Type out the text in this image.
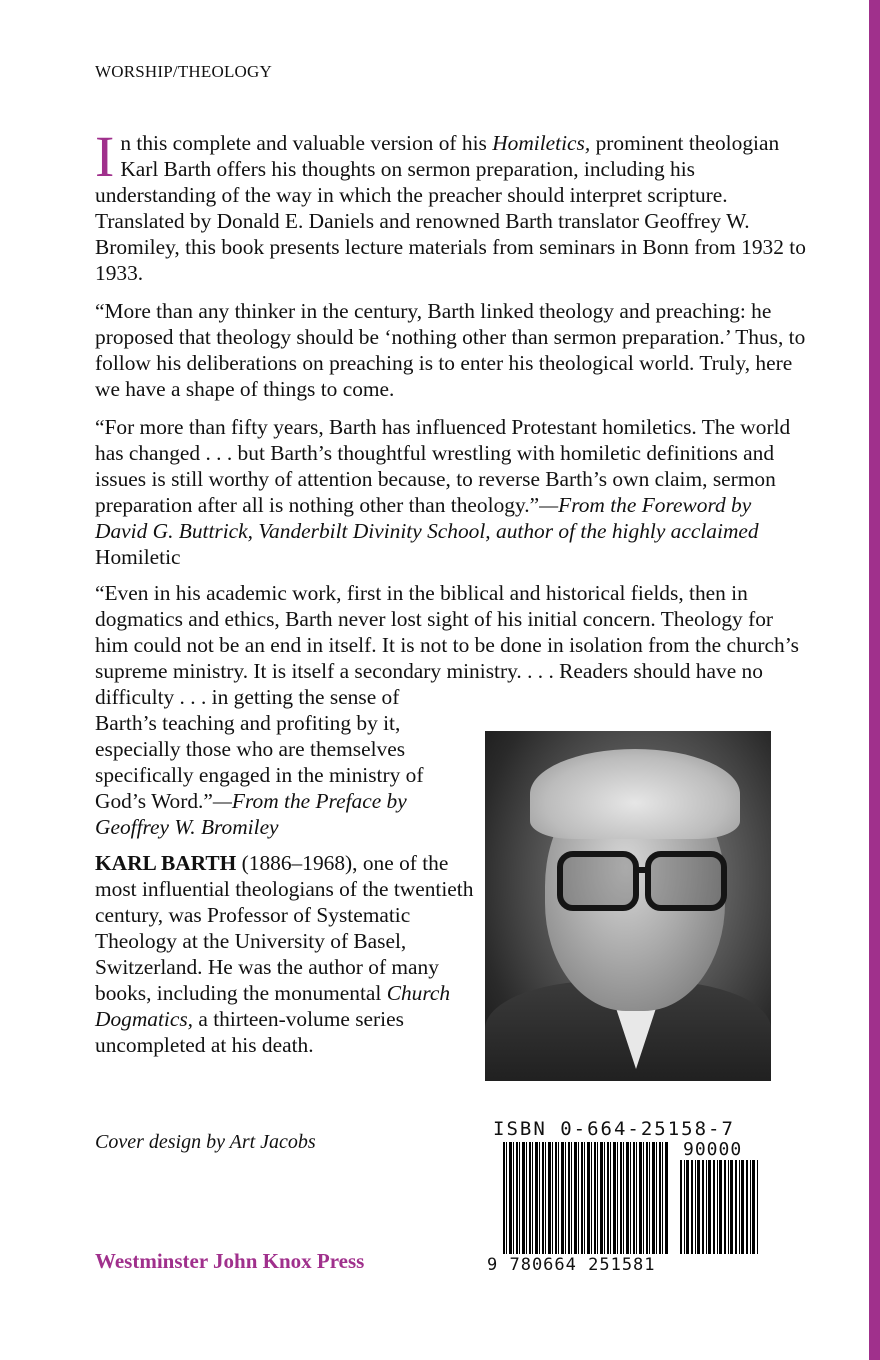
WORSHIP/THEOLOGY

In this complete and valuable version of his Homiletics, prominent theologian Karl Barth offers his thoughts on sermon preparation, including his understanding of the way in which the preacher should interpret scripture. Translated by Donald E. Daniels and renowned Barth translator Geoffrey W. Bromiley, this book presents lecture materials from seminars in Bonn from 1932 to 1933.

“More than any thinker in the century, Barth linked theology and preaching: he proposed that theology should be ‘nothing other than sermon preparation.’ Thus, to follow his deliberations on preaching is to enter his theological world. Truly, here we have a shape of things to come.

“For more than fifty years, Barth has influenced Protestant homiletics. The world has changed . . . but Barth’s thoughtful wrestling with homiletic definitions and issues is still worthy of attention because, to reverse Barth’s own claim, sermon preparation after all is nothing other than theology.”—From the Foreword by David G. Buttrick, Vanderbilt Divinity School, author of the highly acclaimed Homiletic

“Even in his academic work, first in the biblical and historical fields, then in dogmatics and ethics, Barth never lost sight of his initial concern. Theology for him could not be an end in itself. It is not to be done in isolation from the church’s supreme ministry. It is itself a secondary ministry. . . . Readers should have no difficulty . . . in getting the sense of
Barth’s teaching and profiting by it, especially those who are themselves specifically engaged in the ministry of God’s Word.”—From the Preface by Geoffrey W. Bromiley

KARL BARTH (1886–1968), one of the most influential theologians of the twentieth century, was Professor of Systematic Theology at the University of Basel, Switzerland. He was the author of many books, including the monumental Church Dogmatics, a thirteen-volume series uncompleted at his death.

Cover design by Art Jacobs
Westminster John Knox Press
ISBN 0-664-25158-7
90000
9 780664 251581
